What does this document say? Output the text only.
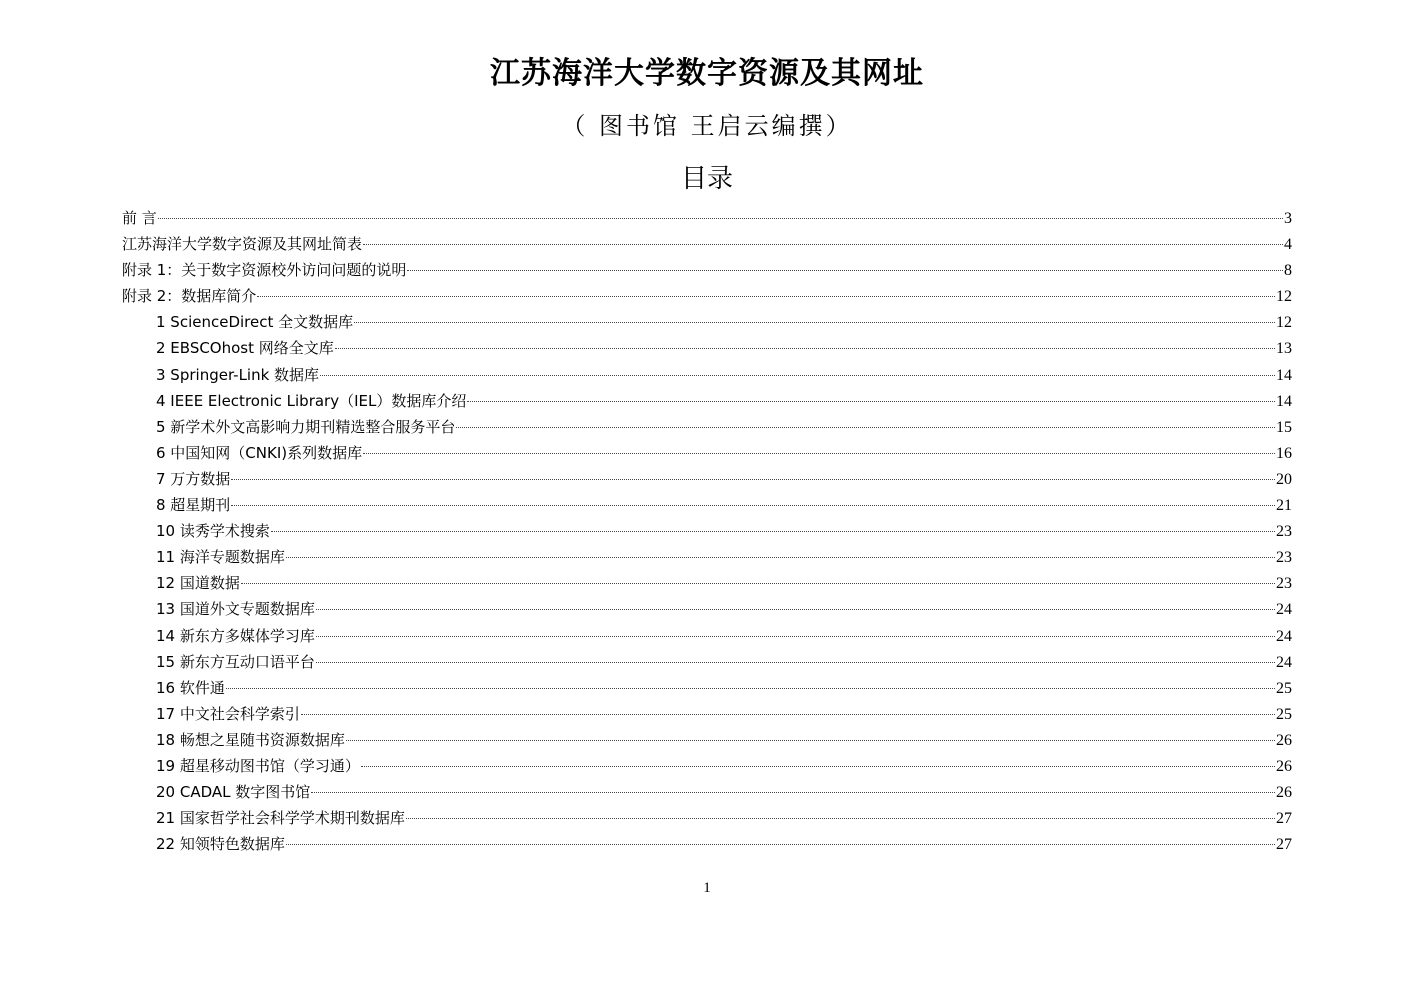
江苏海洋大学数字资源及其网址
（ 图书馆 王启云编撰）
目录
前 言	3
江苏海洋大学数字资源及其网址简表	4
附录 1：关于数字资源校外访问问题的说明	8
附录 2：数据库简介	12
1 ScienceDirect 全文数据库	12
2 EBSCOhost 网络全文库	13
3 Springer-Link 数据库	14
4 IEEE Electronic Library（IEL）数据库介绍	14
5 新学术外文高影响力期刊精选整合服务平台	15
6 中国知网（CNKI)系列数据库	16
7 万方数据	20
8 超星期刊	21
10 读秀学术搜索	23
11 海洋专题数据库	23
12 国道数据	23
13 国道外文专题数据库	24
14 新东方多媒体学习库	24
15 新东方互动口语平台	24
16 软件通	25
17 中文社会科学索引	25
18 畅想之星随书资源数据库	26
19 超星移动图书馆（学习通）	26
20 CADAL 数字图书馆	26
21 国家哲学社会科学学术期刊数据库	27
22 知领特色数据库	27
1
